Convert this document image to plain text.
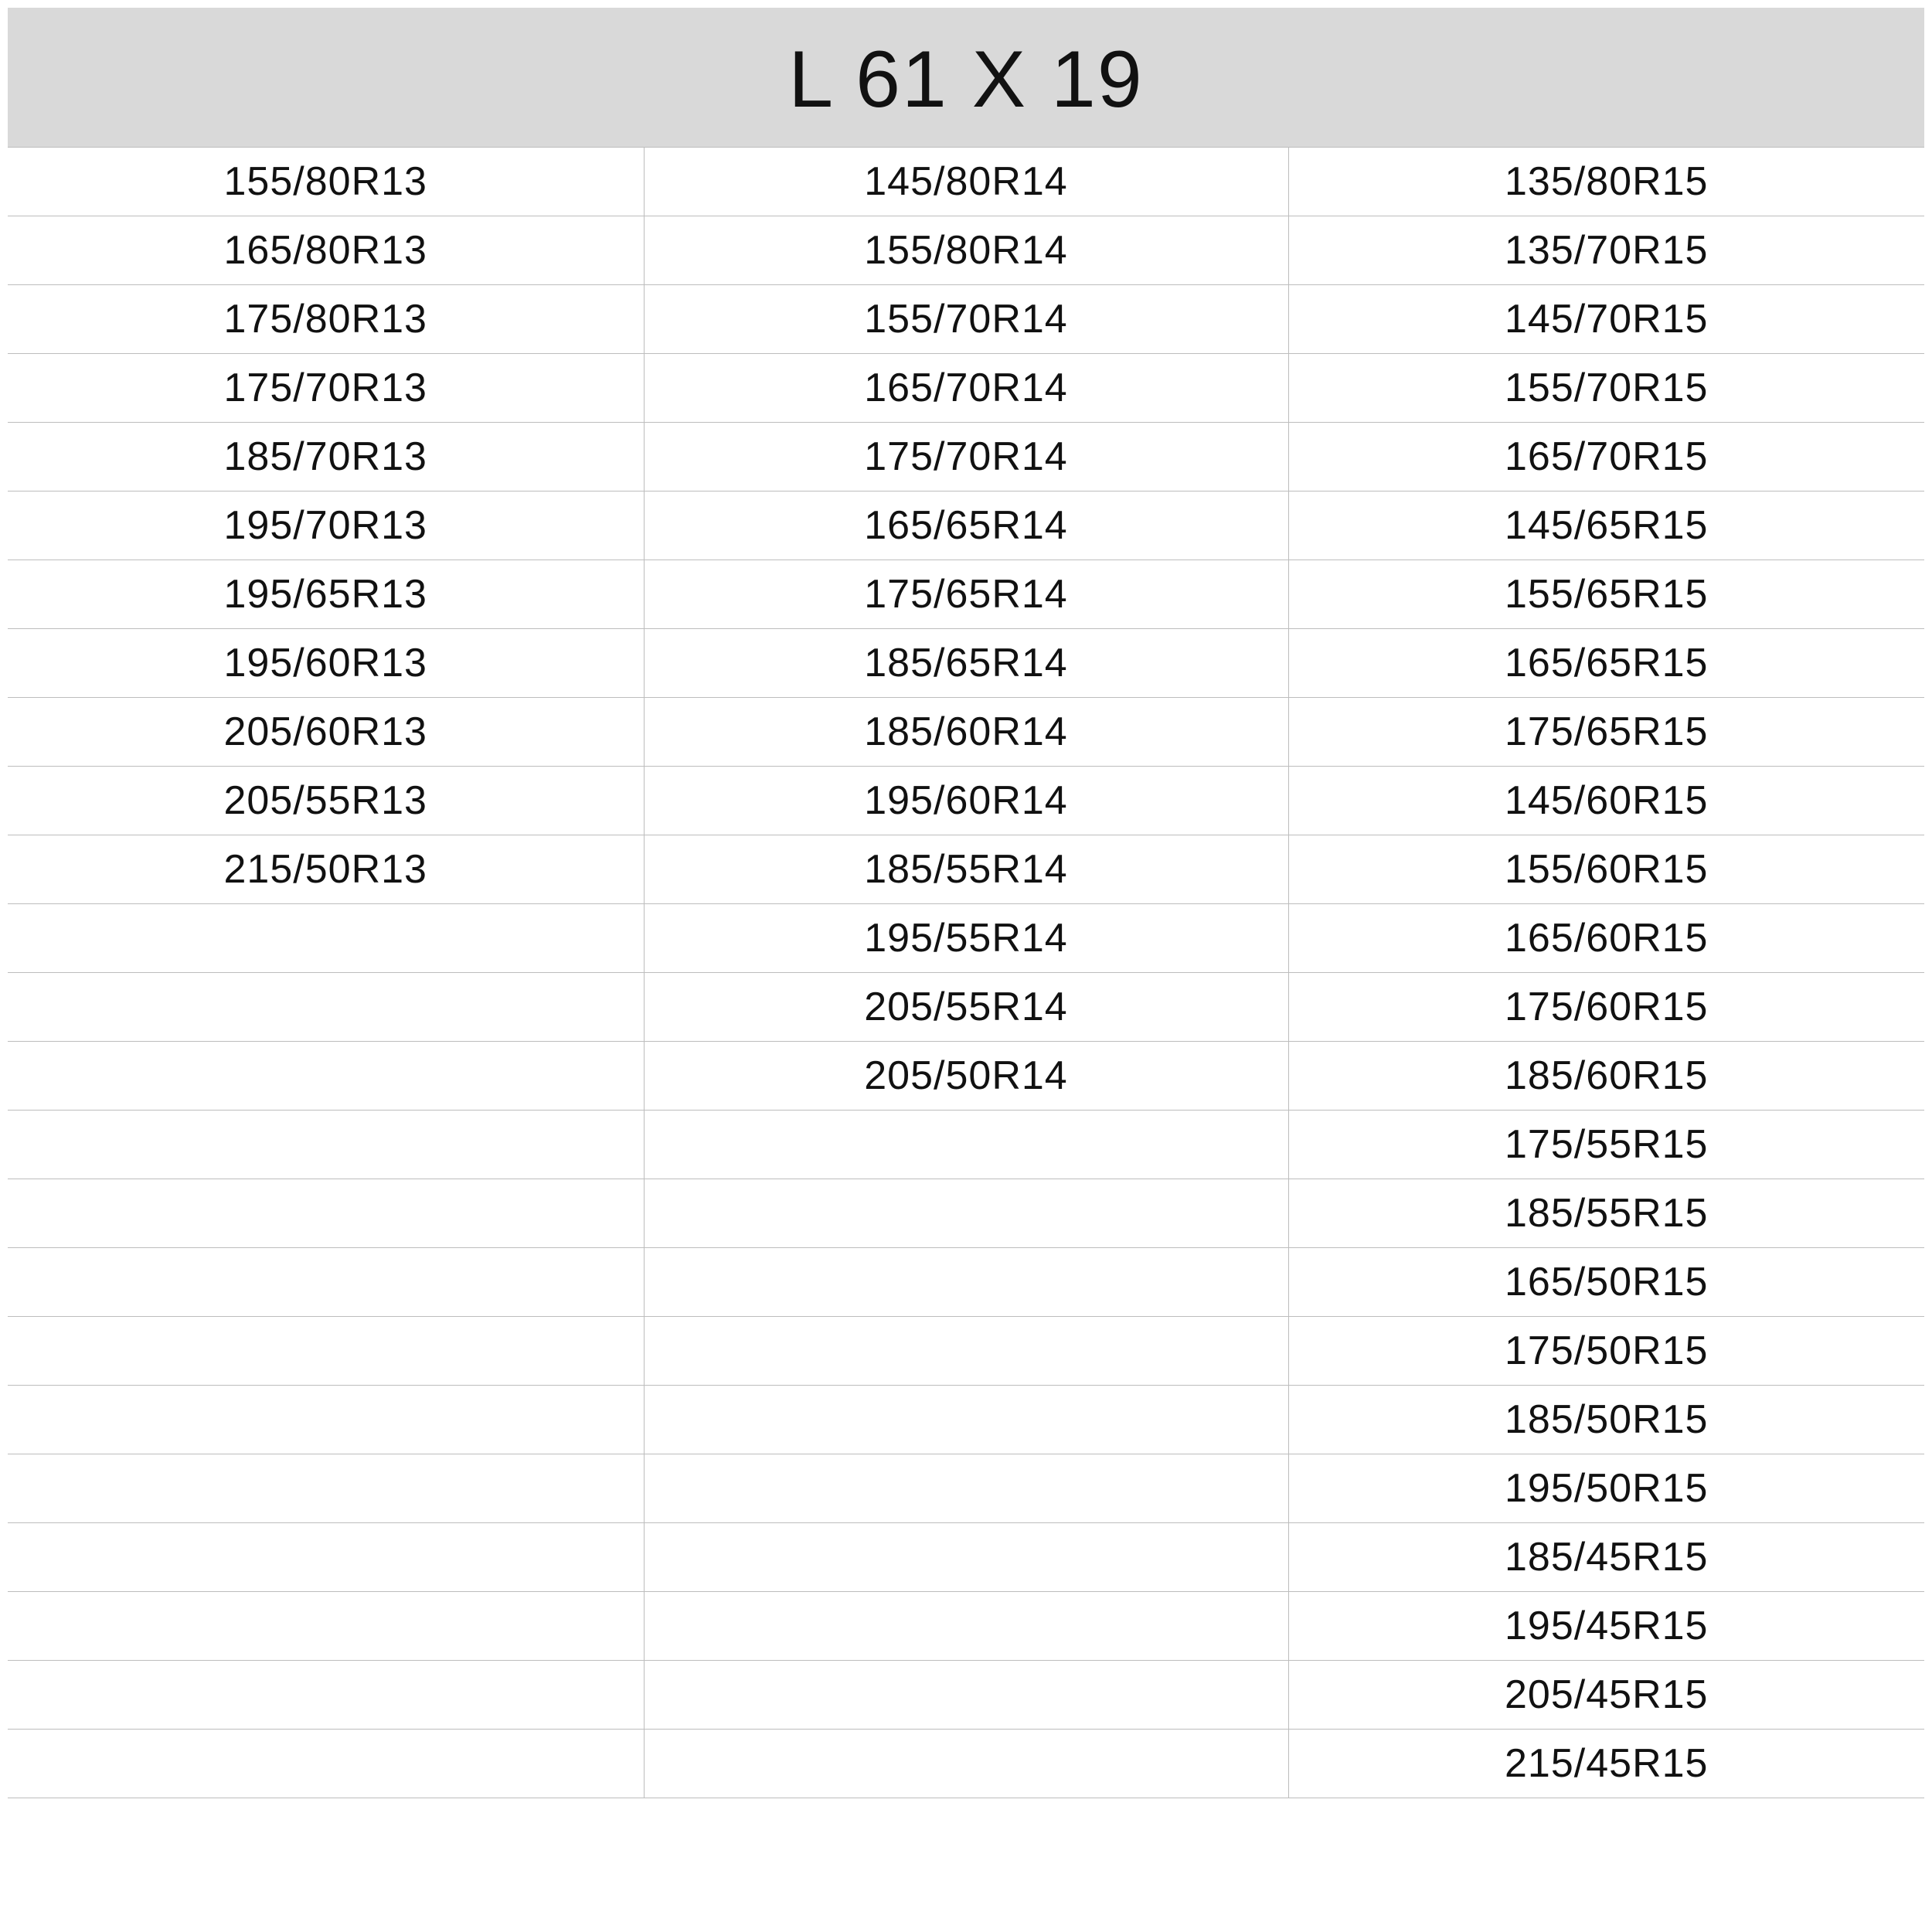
L 61 X 19
155/80R13	145/80R14	135/80R15
165/80R13	155/80R14	135/70R15
175/80R13	155/70R14	145/70R15
175/70R13	165/70R14	155/70R15
185/70R13	175/70R14	165/70R15
195/70R13	165/65R14	145/65R15
195/65R13	175/65R14	155/65R15
195/60R13	185/65R14	165/65R15
205/60R13	185/60R14	175/65R15
205/55R13	195/60R14	145/60R15
215/50R13	185/55R14	155/60R15
	195/55R14	165/60R15
	205/55R14	175/60R15
	205/50R14	185/60R15
		175/55R15
		185/55R15
		165/50R15
		175/50R15
		185/50R15
		195/50R15
		185/45R15
		195/45R15
		205/45R15
		215/45R15
